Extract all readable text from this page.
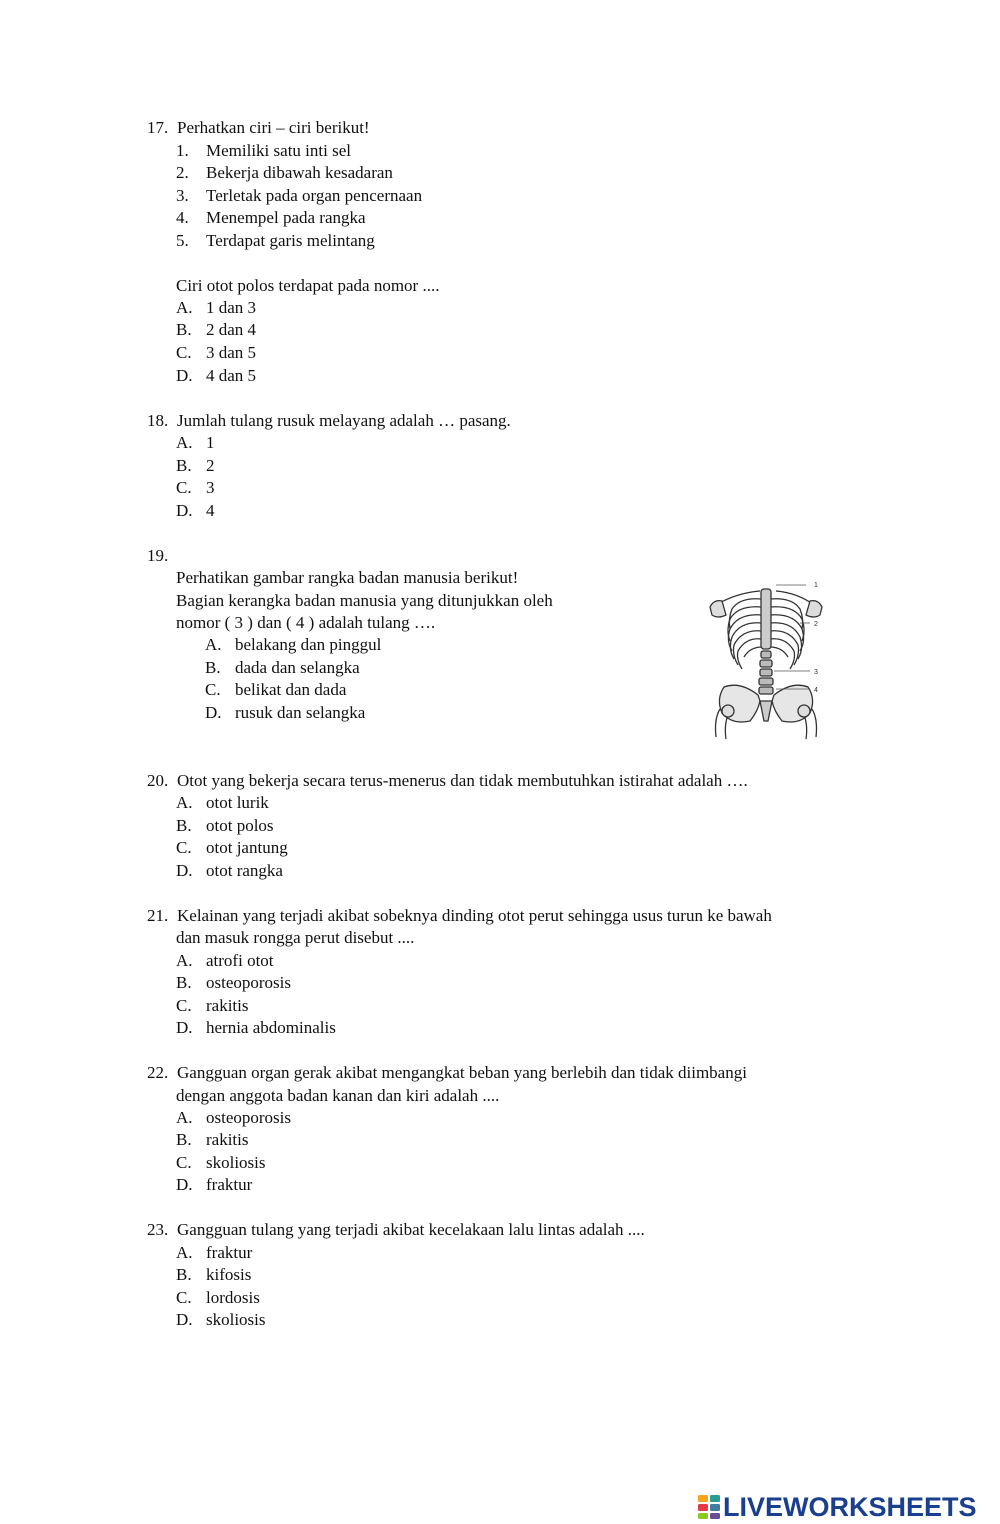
17. Perhatkan ciri – ciri berikut!
1. Memiliki satu inti sel
2. Bekerja dibawah kesadaran
3. Terletak pada organ pencernaan
4. Menempel pada rangka
5. Terdapat garis melintang
Ciri otot polos terdapat pada nomor ....
A. 1 dan 3
B. 2 dan 4
C. 3 dan 5
D. 4 dan 5
18. Jumlah tulang rusuk melayang adalah … pasang.
A. 1
B. 2
C. 3
D. 4
19.
Perhatikan gambar rangka badan manusia berikut!
Bagian kerangka badan manusia yang ditunjukkan oleh
nomor ( 3 ) dan ( 4 ) adalah tulang ….
A. belakang dan pinggul
B. dada dan selangka
C. belikat dan dada
D. rusuk dan selangka
1
2
3
4
20. Otot yang bekerja secara terus-menerus dan tidak membutuhkan istirahat adalah ….
A. otot lurik
B. otot polos
C. otot jantung
D. otot rangka
21. Kelainan yang terjadi akibat sobeknya dinding otot perut sehingga usus turun ke bawah
dan masuk rongga perut disebut ....
A. atrofi otot
B. osteoporosis
C. rakitis
D. hernia abdominalis
22. Gangguan organ gerak akibat mengangkat beban yang berlebih dan tidak diimbangi
dengan anggota badan kanan dan kiri adalah ....
A. osteoporosis
B. rakitis
C. skoliosis
D. fraktur
23. Gangguan tulang yang terjadi akibat kecelakaan lalu lintas adalah ....
A. fraktur
B. kifosis
C. lordosis
D. skoliosis
LIVEWORKSHEETS
